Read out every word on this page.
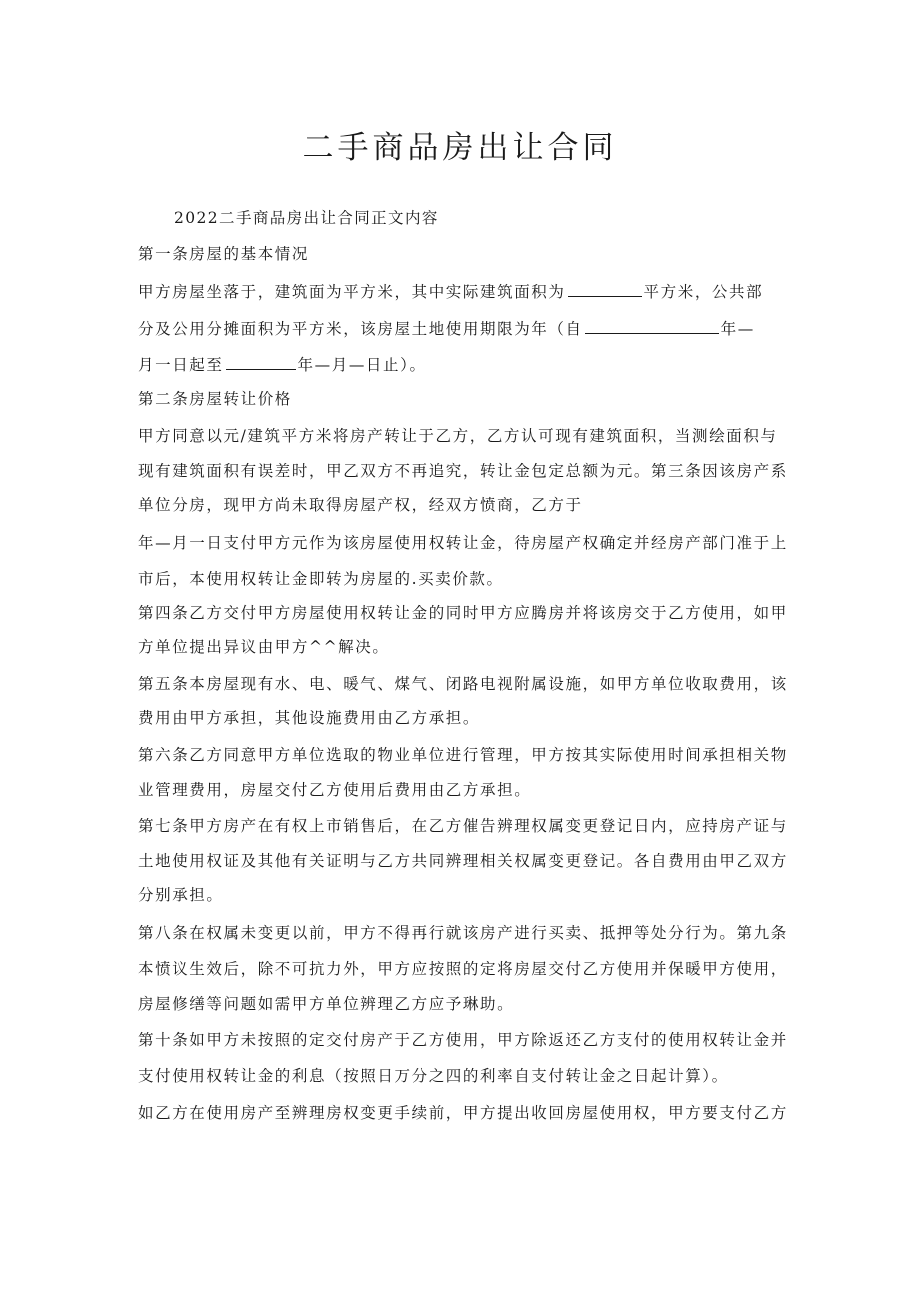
二手商品房出让合同

2022二手商品房出让合同正文内容

第一条房屋的基本情况

甲方房屋坐落于，建筑面为平方米，其中实际建筑面积为	平方米，公共部

分及公用分摊面积为平方米，该房屋土地使用期限为年（自	年—

月一日起至	年—月—日止）。

第二条房屋转让价格

甲方同意以元/建筑平方米将房产转让于乙方，乙方认可现有建筑面积，当测绘面积与

现有建筑面积有误差时，甲乙双方不再追究，转让金包定总额为元。第三条因该房产系

单位分房，现甲方尚未取得房屋产权，经双方愤商，乙方于

年—月一日支付甲方元作为该房屋使用权转让金，待房屋产权确定并经房产部门准于上

市后，本使用权转让金即转为房屋的.买卖价款。

第四条乙方交付甲方房屋使用权转让金的同时甲方应腾房并将该房交于乙方使用，如甲

方单位提出异议由甲方^^解决。

第五条本房屋现有水、电、暖气、煤气、闭路电视附属设施，如甲方单位收取费用，该

费用由甲方承担，其他设施费用由乙方承担。

第六条乙方同意甲方单位选取的物业单位进行管理，甲方按其实际使用时间承担相关物

业管理费用，房屋交付乙方使用后费用由乙方承担。

第七条甲方房产在有权上市销售后，在乙方催告辨理权属变更登记日内，应持房产证与

土地使用权证及其他有关证明与乙方共同辨理相关权属变更登记。各自费用由甲乙双方

分别承担。

第八条在权属未变更以前，甲方不得再行就该房产进行买卖、抵押等处分行为。第九条

本愤议生效后，除不可抗力外，甲方应按照的定将房屋交付乙方使用并保暖甲方使用，

房屋修缮等问题如需甲方单位辨理乙方应予琳助。

第十条如甲方未按照的定交付房产于乙方使用，甲方除返还乙方支付的使用权转让金并

支付使用权转让金的利息（按照日万分之四的利率自支付转让金之日起计算）。

如乙方在使用房产至辨理房权变更手续前，甲方提出收回房屋使用权，甲方要支付乙方
